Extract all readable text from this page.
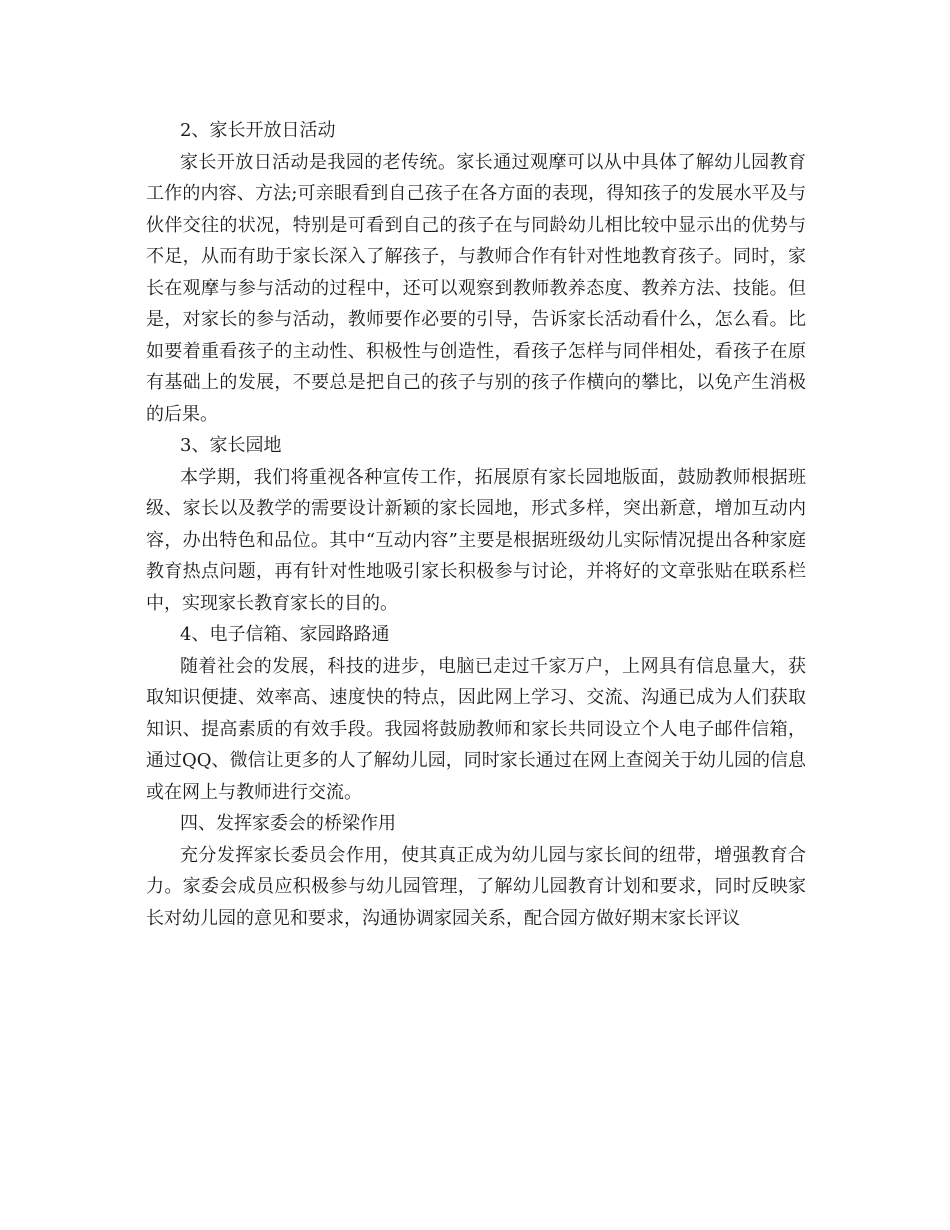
2、家长开放日活动

家长开放日活动是我园的老传统。家长通过观摩可以从中具体了解幼儿园教育工作的内容、方法;可亲眼看到自己孩子在各方面的表现，得知孩子的发展水平及与伙伴交往的状况，特别是可看到自己的孩子在与同龄幼儿相比较中显示出的优势与不足，从而有助于家长深入了解孩子，与教师合作有针对性地教育孩子。同时，家长在观摩与参与活动的过程中，还可以观察到教师教养态度、教养方法、技能。但是，对家长的参与活动，教师要作必要的引导，告诉家长活动看什么，怎么看。比如要着重看孩子的主动性、积极性与创造性，看孩子怎样与同伴相处，看孩子在原有基础上的发展，不要总是把自己的孩子与别的孩子作横向的攀比，以免产生消极的后果。

3、家长园地

本学期，我们将重视各种宣传工作，拓展原有家长园地版面，鼓励教师根据班级、家长以及教学的需要设计新颖的家长园地，形式多样，突出新意，增加互动内容，办出特色和品位。其中“互动内容”主要是根据班级幼儿实际情况提出各种家庭教育热点问题，再有针对性地吸引家长积极参与讨论，并将好的文章张贴在联系栏中，实现家长教育家长的目的。

4、电子信箱、家园路路通

随着社会的发展，科技的进步，电脑已走过千家万户，上网具有信息量大，获取知识便捷、效率高、速度快的特点，因此网上学习、交流、沟通已成为人们获取知识、提高素质的有效手段。我园将鼓励教师和家长共同设立个人电子邮件信箱，通过QQ、微信让更多的人了解幼儿园，同时家长通过在网上查阅关于幼儿园的信息或在网上与教师进行交流。

四、发挥家委会的桥梁作用

充分发挥家长委员会作用，使其真正成为幼儿园与家长间的纽带，增强教育合力。家委会成员应积极参与幼儿园管理，了解幼儿园教育计划和要求，同时反映家长对幼儿园的意见和要求，沟通协调家园关系，配合园方做好期末家长评议
